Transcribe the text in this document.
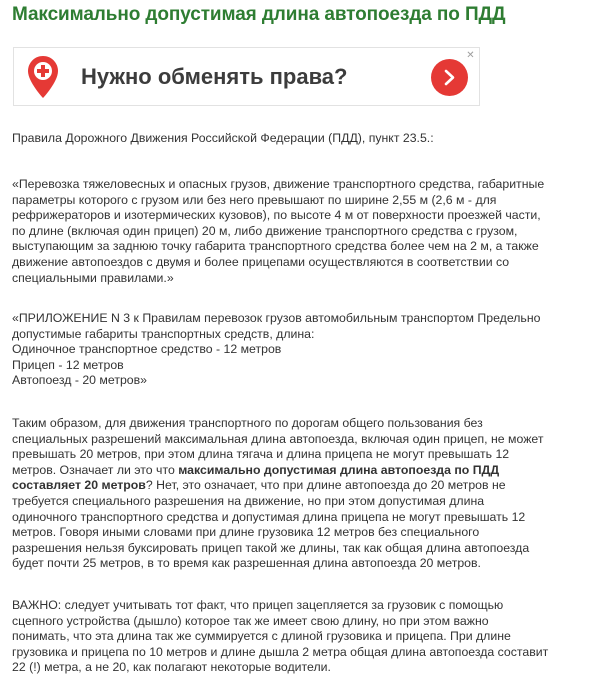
Максимально допустимая длина автопоезда по ПДД
Нужно обменять права?
✕

Правила Дорожного Движения Российской Федерации (ПДД), пункт 23.5.:

«Перевозка тяжеловесных и опасных грузов, движение транспортного средства, габаритные
параметры которого с грузом или без него превышают по ширине 2,55 м (2,6 м - для
рефрижераторов и изотермических кузовов), по высоте 4 м от поверхности проезжей части,
по длине (включая один прицеп) 20 м, либо движение транспортного средства с грузом,
выступающим за заднюю точку габарита транспортного средства более чем на 2 м, а также
движение автопоездов с двумя и более прицепами осуществляются в соответствии со
специальными правилами.»

«ПРИЛОЖЕНИЕ N 3 к Правилам перевозок грузов автомобильным транспортом Предельно
допустимые габариты транспортных средств, длина:
Одиночное транспортное средство - 12 метров
Прицеп - 12 метров
Автопоезд - 20 метров»

Таким образом, для движения транспортного по дорогам общего пользования без
специальных разрешений максимальная длина автопоезда, включая один прицеп, не может
превышать 20 метров, при этом длина тягача и длина прицепа не могут превышать 12
метров. Означает ли это что максимально допустимая длина автопоезда по ПДД
составляет 20 метров? Нет, это означает, что при длине автопоезда до 20 метров не
требуется специального разрешения на движение, но при этом допустимая длина
одиночного транспортного средства и допустимая длина прицепа не могут превышать 12
метров. Говоря иными словами при длине грузовика 12 метров без специального
разрешения нельзя буксировать прицеп такой же длины, так как общая длина автопоезда
будет почти 25 метров, в то время как разрешенная длина автопоезда 20 метров.

ВАЖНО: следует учитывать тот факт, что прицеп зацепляется за грузовик с помощью
сцепного устройства (дышло) которое так же имеет свою длину, но при этом важно
понимать, что эта длина так же суммируется с длиной грузовика и прицепа. При длине
грузовика и прицепа по 10 метров и длине дышла 2 метра общая длина автопоезда составит
22 (!) метра, а не 20, как полагают некоторые водители.
